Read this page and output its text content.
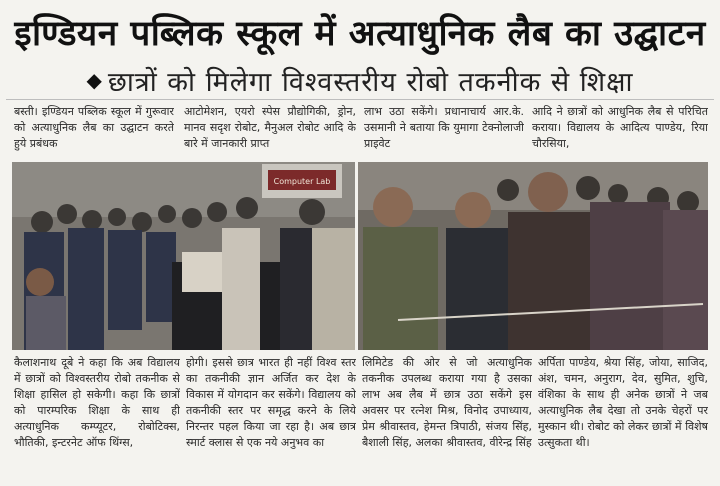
इण्डियन पब्लिक स्कूल में अत्याधुनिक लैब का उद्घाटन
◆ छात्रों को मिलेगा विश्वस्तरीय रोबो तकनीक से शिक्षा

बस्ती। इण्डियन पब्लिक स्कूल में गुरूवार को अत्याधुनिक लैब का उद्घाटन करते हुये प्रबंधक

आटोमेशन, एयरो स्पेस प्रौद्योगिकी, ड्रोन, मानव सदृश रोबोट, मैनुअल रोबोट आदि के बारे में जानकारी प्राप्त

लाभ उठा सकेंगे। प्रधानाचार्य आर.के. उसमानी ने बताया कि युमागा टेक्नोलाजी प्राइवेट

आदि ने छात्रों को आधुनिक लैब से परिचित कराया। विद्यालय के आदित्य पाण्डेय, रिया चौरसिया,

Computer Lab

कैलाशनाथ दूबे ने कहा कि अब विद्यालय में छात्रों को विश्वस्तरीय रोबो तकनीक से शिक्षा हासिल हो सकेगी। कहा कि छात्रों को पारम्परिक शिक्षा के साथ ही अत्याधुनिक कम्प्यूटर, रोबोटिक्स, भौतिकी, इन्टरनेट ऑफ थिंग्स,

होगी। इससे छात्र भारत ही नहीं विश्व स्तर का तकनीकी ज्ञान अर्जित कर देश के विकास में योगदान कर सकेंगे। विद्यालय को तकनीकी स्तर पर समृद्ध करने के लिये निरन्तर पहल किया जा रहा है। अब छात्र स्मार्ट क्लास से एक नये अनुभव का

लिमिटेड की ओर से जो अत्याधुनिक तकनीक उपलब्ध कराया गया है उसका लाभ अब लैब में छात्र उठा सकेंगे इस अवसर पर रत्नेश मिश्र, विनोद उपाध्याय, प्रेम श्रीवास्तव, हेमन्त त्रिपाठी, संजय सिंह, बैशाली सिंह, अलका श्रीवास्तव, वीरेन्द्र सिंह

अर्पिता पाण्डेय, श्रेया सिंह, जोया, साजिद, अंश, चमन, अनुराग, देव, सुमित, शुचि, वंशिका के साथ ही अनेक छात्रों ने जब अत्याधुनिक लैब देखा तो उनके चेहरों पर मुस्कान थी। रोबोट को लेकर छात्रों में विशेष उत्सुकता थी।
